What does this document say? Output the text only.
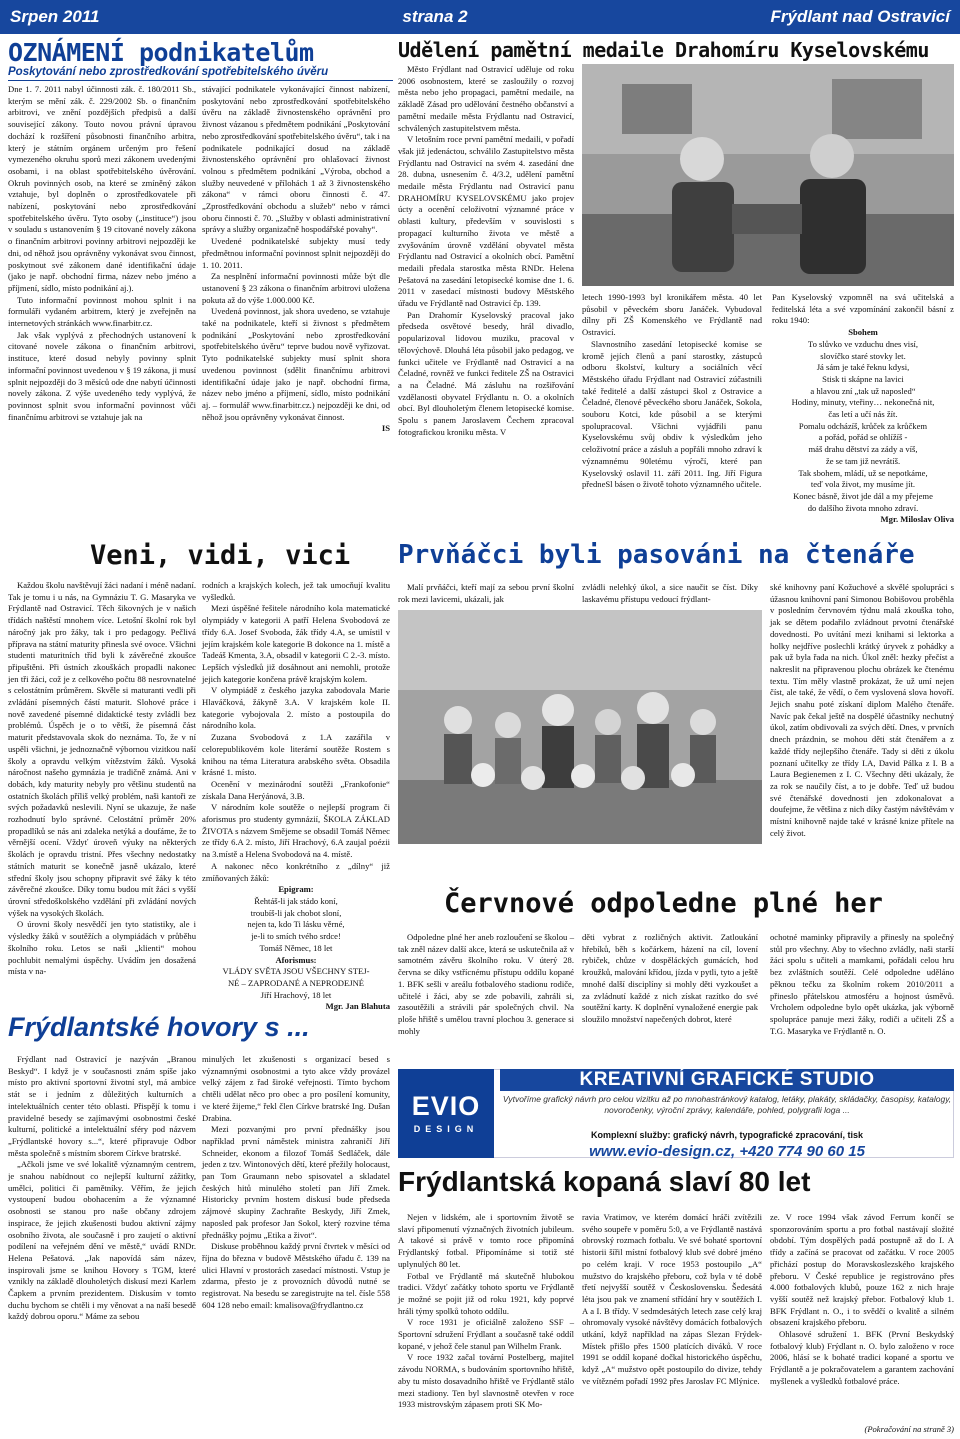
Srpen 2011	strana 2	Frýdlant nad Ostravicí
OZNÁMENÍ podnikatelům
Poskytování nebo zprostředkování spotřebitelského úvěru

Dne 1. 7. 2011 nabyl účinnosti zák. č. 180/2011 Sb., kterým se mění zák. č. 229/2002 Sb. o finančním arbitrovi, ve znění pozdějších předpisů a další související zákony. Touto novou právní úpravou dochází k rozšíření působnosti finančního arbitra, který je státním orgánem určeným pro řešení vymezeného okruhu sporů mezi zákonem uvedenými osobami, i na oblast spotřebitelského úvěrování. Okruh povinných osob, na které se zmíněný zákon vztahuje, byl doplněn o zprostředkovatele při nabízení, poskytování nebo zprostředkování spotřebitelského úvěru. Tyto osoby („instituce“) jsou v souladu s ustanovením § 19 citované novely zákona o finančním arbitrovi povinny arbitrovi nejpozději ke dni, od něhož jsou oprávněny vykonávat svou činnost, poskytnout své zákonem dané identifikační údaje (jako je např. obchodní firma, název nebo jméno a příjmení, sídlo, místo podnikání aj.).

Tuto informační povinnost mohou splnit i na formuláři vydaném arbitrem, který je zveřejněn na internetových stránkách www.finarbitr.cz.

Jak však vyplývá z přechodných ustanovení k citované novele zákona o finančním arbitrovi, instituce, které dosud nebyly povinny splnit informační povinnost uvedenou v § 19 zákona, ji musí splnit nejpozději do 3 měsíců ode dne nabytí účinnosti novely zákona. Z výše uvedeného tedy vyplývá, že povinnost splnit svou informační povinnost vůči finančnímu arbitrovi se vztahuje jak na

stávající podnikatele vykonávající činnost nabízení, poskytování nebo zprostředkování spotřebitelského úvěru na základě živnostenského oprávnění pro živnost vázanou s předmětem podnikání „Poskytování nebo zprostředkování spotřebitelského úvěru“, tak i na podnikatele podnikající dosud na základě živnostenského oprávnění pro ohlašovací živnost volnou s předmětem podnikání „Výroba, obchod a služby neuvedené v přílohách 1 až 3 živnostenského zákona“ v rámci oboru činnosti č. 47. „Zprostředkování obchodu a služeb“ nebo v rámci oboru činnosti č. 70. „Služby v oblasti administrativní správy a služby organizačně hospodářské povahy“.

Uvedené podnikatelské subjekty musí tedy předmětnou informační povinnost splnit nejpozději do 1. 10. 2011.

Za nesplnění informační povinnosti může být dle ustanovení § 23 zákona o finančním arbitrovi uložena pokuta až do výše 1.000.000 Kč.

Uvedená povinnost, jak shora uvedeno, se vztahuje také na podnikatele, kteří si živnost s předmětem podnikání „Poskytování nebo zprostředkování spotřebitelského úvěru“ teprve budou nově vyřizovat. Tyto podnikatelské subjekty musí splnit shora uvedenou povinnost (sdělit finančnímu arbitrovi identifikační údaje jako je např. obchodní firma, název nebo jméno a příjmení, sídlo, místo podnikání aj. – formulář www.finarbitr.cz.) nejpozději ke dni, od něhož jsou oprávněny vykonávat činnost.

IS

Udělení pamětní medaile Drahomíru Kyselovskému

Město Frýdlant nad Ostravicí uděluje od roku 2006 osobnostem, které se zasloužily o rozvoj města nebo jeho propagaci, pamětní medaile, na základě Zásad pro udělování čestného občanství a pamětní medaile města Frýdlantu nad Ostravicí, schválených zastupitelstvem města.

V letošním roce první pamětní medaili, v pořadí však již jedenáctou, schválilo Zastupitelstvo města Frýdlantu nad Ostravicí na svém 4. zasedání dne 28. dubna, usnesením č. 4/3.2, udělení pamětní medaile města Frýdlantu nad Ostravicí panu DRAHOMÍRU KYSELOVSKÉMU jako projev úcty a ocenění celoživotní významné práce v oblasti kultury, především v souvislosti s propagací kulturního života ve městě a zvyšováním úrovně vzdělání obyvatel města Frýdlantu nad Ostravicí a okolních obcí. Pamětní medaili předala starostka města RNDr. Helena Pešatová na zasedání letopisecké komise dne 1. 6. 2011 v zasedací místnosti budovy Městského úřadu ve Frýdlantě nad Ostravicí čp. 139.

Pan Drahomír Kyselovský pracoval jako předseda osvětové besedy, hrál divadlo, popularizoval lidovou muziku, pracoval v tělovýchově. Dlouhá léta působil jako pedagog, ve funkci učitele ve Frýdlantě nad Ostravicí a na Čeladné, rovněž ve funkci ředitele ZŠ na Ostravici a na Čeladné. Má zásluhu na rozšiřování vzdělanosti obyvatel Frýdlantu n. O. a okolních obcí. Byl dlouholetým členem letopisecké komise. Spolu s panem Jaroslavem Čechem zpracoval fotografickou kroniku města. V

letech 1990-1993 byl kronikářem města. 40 let působil v pěveckém sboru Janáček. Vybudoval dílny při ZŠ Komenského ve Frýdlantě nad Ostravicí.

Slavnostního zasedání letopisecké komise se kromě jejích členů a paní starostky, zástupců odboru školství, kultury a sociálních věcí Městského úřadu Frýdlant nad Ostravicí zúčastnili také ředitelé a další zástupci škol z Ostravice a Čeladné, členové pěveckého sboru Janáček, Sokola, souboru Kotci, kde působil a se kterými spolupracoval. Všichni vyjádřili panu Kyselovskému svůj obdiv k výsledkům jeho celoživotní práce a zásluh a popřáli mnoho zdraví k významnému 90letému výročí, které pan Kyselovský oslavil 11. září 2011. Ing. Jiří Figura předneSl básen o životě tohoto významného učitele.

Pan Kyselovský vzpomněl na svá učitelská a ředitelská léta a své vzpomínání zakončil básní z roku 1940:

Sbohem

To slůvko ve vzduchu dnes visí,

slovíčko staré stovky let.

Já sám je také řeknu kdysi,

Stisk ti skápne na lavici

a hlavou zní „tak už naposled“

Hodiny, minuty, vteřiny… nekonečná nit,

čas letí a učí nás žít.

Pomalu odcházíš, krůček za krůčkem

a pořád, pořád se ohlížíš -

máš drahu dětství za zády a víš,

že se tam již nevrátíš.

Tak sbohem, mládí, už se nepotkáme,

teď vola život, my musíme jít.

Konec básně, život jde dál a my přejeme

do dalšího života mnoho zdraví.

Mgr. Miloslav Oliva

Veni, vidi, vici

Každou školu navštěvují žáci nadaní i méně nadaní. Tak je tomu i u nás, na Gymnáziu T. G. Masaryka ve Frýdlantě nad Ostravicí. Těch šikovných je v našich třídách naštěstí mnohem více. Letošní školní rok byl náročný jak pro žáky, tak i pro pedagogy. Pečlivá příprava na státní maturity přinesla své ovoce. Všichni studenti maturitních tříd byli k závěrečné zkoušce připuštěni. Při ústních zkouškách propadli nakonec jen tři žáci, což je z celkového počtu 88 nesrovnatelné s celostátním průměrem. Skvěle si maturanti vedli při zvládání písemných částí maturit. Slohové práce i nově zavedené písemné didaktické testy zvládli bez problémů. Úspěch je o to větší, že písemná část maturit představovala skok do neznáma. To, že v ní uspěli všichni, je jednoznačně výbornou vizitkou naší školy a opravdu velkým vítězstvím žáků. Vysoká náročnost našeho gymnázia je tradičně známá. Ani v dobách, kdy maturity nebyly pro většinu studentů na ostatních školách příliš velký problém, naši kantoři ze svých požadavků neslevili. Nyní se ukazuje, že naše rozhodnutí bylo správné. Celostátní průměr 20% propadlíků se nás ani zdaleka netýká a doufáme, že to věrnější ocení. Vždyť úroveň výuky na některých školách je opravdu tristní. Přes všechny nedostatky státních maturit se konečně jasně ukázalo, které střední školy jsou schopny připravit své žáky k této závěrečné zkoušce. Díky tomu budou mít žáci s vyšší úrovní středoškolského vzdělání při zvládání nových výšek na vysokých školách.

O úrovni školy nesvědčí jen tyto statistiky, ale i výsledky žáků v soutěžích a olympiádách v průběhu školního roku. Letos se naši „klienti“ mohou pochlubit nemalými úspěchy. Uvádím jen dosažená místa v na-

rodních a krajských kolech, jež tak umocňují kvalitu vyšledků.

Mezi úspěšné řešitele národního kola matematické olympiády v kategorii A patří Helena Svobodová ze třídy 6.A. Josef Svoboda, žák třídy 4.A, se umístil v jejím krajském kole kategorie B dokonce na 1. místě a Tadeáš Kmenta, 3.A, obsadil v kategorii C 2.-3. místo. Lepších výsledků již dosáhnout ani nemohli, protože jejich kategorie končena právě krajským kolem.

V olympiádě z českého jazyka zabodovala Marie Hlaváčková, žákyně 3.A. V krajském kole II. kategorie vybojovala 2. místo a postoupila do národního kola.

Zuzana Svobodová z 1.A zazářila v celorepublikovém kole literární soutěže Rostem s knihou na téma Literatura arabského světa. Obsadila krásné 1. místo.

Ocenění v mezinárodní soutěži „Frankofonie“ získala Dana Herýánová, 3.B.

V národním kole soutěže o nejlepší program či aforismus pro studenty gymnázií, ŠKOLA ZÁKLAD ŽIVOTA s názvem Smějeme se obsadil Tomáš Němec ze třídy 6.A 2. místo, Jiří Hrachový, 6.A zaujal poézii na 3.místě a Helena Svobodová na 4. místě.

A nakonec něco konkrétního z „dílny“ již zmíňovaných žáků:

Epigram:

Řehtáš-li jak stádo koní,

troubíš-li jak chobot sloní,

nejen ta, kdo Ti lásku věrné,

je-li to smích tvého srdce!

Tomáš Němec, 18 let

Aforismus:

VLÁDY SVĚTA JSOU VŠECHNY STEJ-

NÉ – ZAPRODANÉ A NEPRODEJNÉ

Jiří Hrachový, 18 let

Mgr. Jan Blahuta

Prvňáčci byli pasováni na čtenáře

Malí prvňáčci, kteří mají za sebou první školní rok mezi lavicemi, ukázali, jak

zvládli nelehký úkol, a sice naučit se číst. Díky laskavému přístupu vedoucí frýdlant-

ské knihovny paní Kožuchové a skvělé spolupráci s úžasnou knihovní paní Simonou Bobišovou proběhla v posledním červnovém týdnu malá zkouška toho, jak se dětem podařilo zvládnout prvotní čtenářské dovednosti. Po uvítání mezi knihami si lektorka a holky nejdříve poslechli krátký úryvek z pohádky a pak už byla řada na nich. Úkol zněl: hezky přečíst a nakreslit na připravenou plochu obrázek ke čtenému textu. Tím měly vlastně prokázat, že už umí nejen číst, ale také, že vědí, o čem vyslovená slova hovoří. Jejich snahu poté získaní diplom Malého čtenáře. Navíc pak čekal ještě na dospělé účastníky nechutný úkol, zatím obdivovali za svých dětí. Dnes, v prvních dnech prázdnin, se mohou děti stát čtenářem a z každé třídy nejlepšího čtenáře. Tady si děti z úkolu poznaní učitelky ze třídy I.A, David Pálka z I. B a Laura Begienemen z I. C. Všechny děti ukázaly, že za rok se naučily číst, a to je dobře. Teď už budou své čtenářské dovednosti jen zdokonalovat a doufejme, že většina z nich díky častým návštěvám v místní knihovně najde také v krásné knize přítele na celý život.

Červnové odpoledne plné her

Odpoledne plné her aneb rozloučení se školou – tak zněl název další akce, která se uskutečnila až v samotném závěru školního roku. V úterý 28. června se díky vstřícnému přístupu oddílu kopané 1. BFK sešli v areálu fotbalového stadionu rodiče, učitelé i žáci, aby se zde pobavili, zahráli si, zasoutěžili a strávili pár společných chvil. Na ploše hřiště s umělou travní plochou 3. generace si mohly

děti vybrat z rozličných aktivit. Zatloukání hřebíků, běh s kočárkem, házení na cíl, lovení rybiček, chůze v dospěláckých gumácích, hod kroužků, malování křídou, jízda v pytli, tyto a ještě mnohé další disciplíny si mohly děti vyzkoušet a za zvládnutí každé z nich získat razítko do své soutěžní karty. K doplnění vynaložené energie pak sloužilo množství napečených dobrot, které

ochotné maminky připravily a přinesly na společný stůl pro všechny. Aby to všechno zvládly, naši starší žáci spolu s učiteli a mamkami, pořádali celou hru bez zvláštních soutěží. Celé odpoledne uděláno pěknou tečku za školním rokem 2010/2011 a přineslo přátelskou atmosféru a hojnost úsměvů. Vrcholem odpoledne bylo opět ukázka, jak výborně spolupráce panuje mezi žáky, rodiči a učiteli ZŠ a T.G. Masaryka ve Frýdlantě n. O.

EVIO
DESIGN
KREATIVNÍ GRAFICKÉ STUDIO
Vytvoříme grafický návrh pro celou vizitku až po mnohastránkový katalog, letáky, plakáty, skládačky, časopisy, katalogy, novoročenky, výroční zprávy, kalendáře, pohled, polygrafii loga ...
Komplexní služby: grafický návrh, typografické zpracování, tisk
www.evio-design.cz, +420 774 90 60 15
Frýdlantské hovory s ...

Frýdlant nad Ostravicí je nazýván „Branou Beskyd“. I když je v současnosti znám spíše jako místo pro aktivní sportovní životní styl, má ambice stát se i jedním z důležitých kulturních a intelektuálních center této oblasti. Přispějí k tomu i pravidelné besedy se zajímavými osobnostmi české kulturní, politické a intelektuální sféry pod názvem „Frýdlantské hovory s...“, které připravuje Odbor města společně s místním sborem Církve bratrské.

„Ačkoli jsme ve své lokalitě významným centrem, je snahou nabídnout co nejlepší kulturní zážitky, umělci, politici či pamětníky. Věřím, že jejich vystoupení budou obohacením a že významné osobnosti se stanou pro naše občany zdrojem inspirace, že jejich zkušenosti budou aktivní zájmy osobního života, ale současně i pro zaujetí o aktivní podílení na veřejném dění ve městě,“ uvádí RNDr. Helena Pešatová. „Jak napovídá sám název, inspirovali jsme se knihou Hovory s TGM, které vznikly na základě dlouholetých diskusí mezi Karlem Čapkem a prvním prezidentem. Diskusím v tomto duchu bychom se chtěli i my věnovat a na naší besedě každý dobrou oporu.“ Máme za sebou

minulých let zkušenosti s organizací besed s významnými osobnostmi a tyto akce vždy provázel velký zájem z řad široké veřejnosti. Tímto bychom chtěli udělat něco pro obec a pro posílení komunity, ve které žijeme,“ řekl člen Církve bratrské Ing. Dušan Drabina.

Mezi pozvanými pro první přednášky jsou například první náměstek ministra zahraničí Jiří Schneider, ekonom a filozof Tomáš Sedláček, dále jeden z tzv. Wintonových dětí, které přežily holocaust, pan Tom Graumann nebo spisovatel a skladatel českých hitů minulého století pan Jiří Zmek. Historicky prvním hostem diskusí bude předseda zájmové skupiny Zachraňte Beskydy, Jiří Zmek, naposled pak profesor Jan Sokol, který rozvine téma přednášky pojmu „Etika a život“.

Diskuse proběhnou každý první čtvrtek v měsíci od října do března v budově Městského úřadu č. 139 na ulici Hlavní v prostorách zasedací místnosti. Vstup je zdarma, přesto je z provozních důvodů nutné se registrovat. Na besedu se zaregistrujte na tel. čísle 558 604 128 nebo email: kmalisova@frydlantno.cz

Frýdlantská kopaná slaví 80 let

Nejen v lidském, ale i sportovním životě se slaví připomenutí význačných životních jubileum. A takové si právě v tomto roce připomíná Frýdlantský fotbal. Připomínáme si totiž sté uplynulých 80 let.

Fotbal ve Frýdlantě má skutečně hlubokou tradici. Vždyť začátky tohoto sportu ve Frýdlantě je možné se pojit již od roku 1921, kdy poprvé hráli týmy spolků tohoto oddílu.

V roce 1931 je oficiálně založeno SSF – Sportovní sdružení Frýdlant a současně také oddíl kopané, v jehož čele stanul pan Wilhelm Frank.

V roce 1932 začal tovární Postelberg, majitel závodu NORMA, s budováním sportovního hřiště, aby tu místo dosavadního hřiště ve Frýdlantě stálo mezi stadiony. Ten byl slavnostně otevřen v roce 1933 mistrovským zápasem proti SK Mo-

ravia Vratimov, ve kterém domácí hráči zvítězili svého soupeře v poměru 5:0, a ve Frýdlantě nastává obrovský rozmach fotbalu. Ve své bohaté sportovní historii šířil místní fotbalový klub své dobré jméno po celém kraji. V roce 1953 postoupilo „A“ mužstvo do krajského přeboru, což byla v té době třetí nejvyšší soutěž v Československu. Šedesátá léta jsou pak ve znamení střídání hry v soutěžích I. A a I. B třídy. V sedmdesátých letech zase celý kraj ohromovaly vysoké návštěvy domácích fotbalových utkání, když například na zápas Slezan Frýdek-Místek přišlo přes 1500 platících diváků. V roce 1991 se oddíl kopané dočkal historického úspěchu, když „A“ mužstvo opět postoupilo do divize, tehdy ve vítězném pořadí 1992 přes Jaroslav FC Mlýnice.

ze. V roce 1994 však závod Ferrum končí se sponzorováním sportu a pro fotbal nastávají složité období. Tým dospělých padá postupně až do I. A třídy a začíná se pracovat od začátku. V roce 2005 přichází postup do Moravskoslezského krajského přeboru. V České republice je registrováno přes 4.000 fotbalových klubů, pouze 162 z nich hraje vyšší soutěž než krajský přebor. Fotbalový klub 1. BFK Frýdlant n. O., i to svědčí o kvalitě a silném obsazení krajského přeboru.

Ohlasové sdružení 1. BFK (První Beskydský fotbalový klub) Frýdlant n. O. bylo založeno v roce 2006, hlásí se k bohaté tradici kopané a sportu ve Frýdlantě a je pokračovatelem a garantem zachování myšlenek a vyšledků fotbalové práce.

(Pokračování na straně 3)
